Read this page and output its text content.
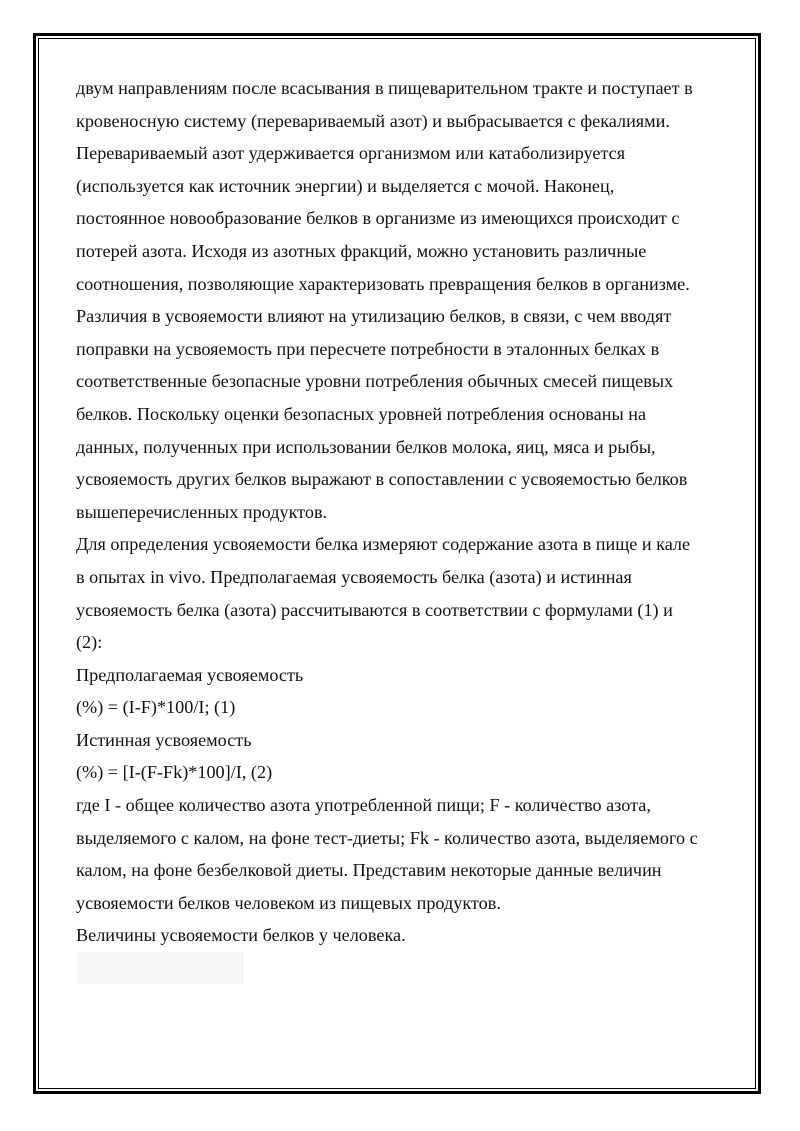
двум направлениям после всасывания в пищеварительном тракте и поступает в
кровеносную систему (перевариваемый азот) и выбрасывается с фекалиями.
Перевариваемый азот удерживается организмом или катаболизируется
(используется как источник энергии) и выделяется с мочой. Наконец,
постоянное новообразование белков в организме из имеющихся происходит с
потерей азота. Исходя из азотных фракций, можно установить различные
соотношения, позволяющие характеризовать превращения белков в организме.
Различия в усвояемости влияют на утилизацию белков, в связи, с чем вводят
поправки на усвояемость при пересчете потребности в эталонных белках в
соответственные безопасные уровни потребления обычных смесей пищевых
белков. Поскольку оценки безопасных уровней потребления основаны на
данных, полученных при использовании белков молока, яиц, мяса и рыбы,
усвояемость других белков выражают в сопоставлении с усвояемостью белков
вышеперечисленных продуктов.
Для определения усвояемости белка измеряют содержание азота в пище и кале
в опытах in vivo. Предполагаемая усвояемость белка (азота) и истинная
усвояемость белка (азота) рассчитываются в соответствии с формулами (1) и
(2):
Предполагаемая усвояемость
(%) = (I-F)*100/I; (1)
Истинная усвояемость
(%) = [I-(F-Fk)*100]/I, (2)
где I - общее количество азота употребленной пищи; F - количество азота,
выделяемого с калом, на фоне тест-диеты; Fk - количество азота, выделяемого с
калом, на фоне безбелковой диеты. Представим некоторые данные величин
усвояемости белков человеком из пищевых продуктов.
Величины усвояемости белков у человека.
